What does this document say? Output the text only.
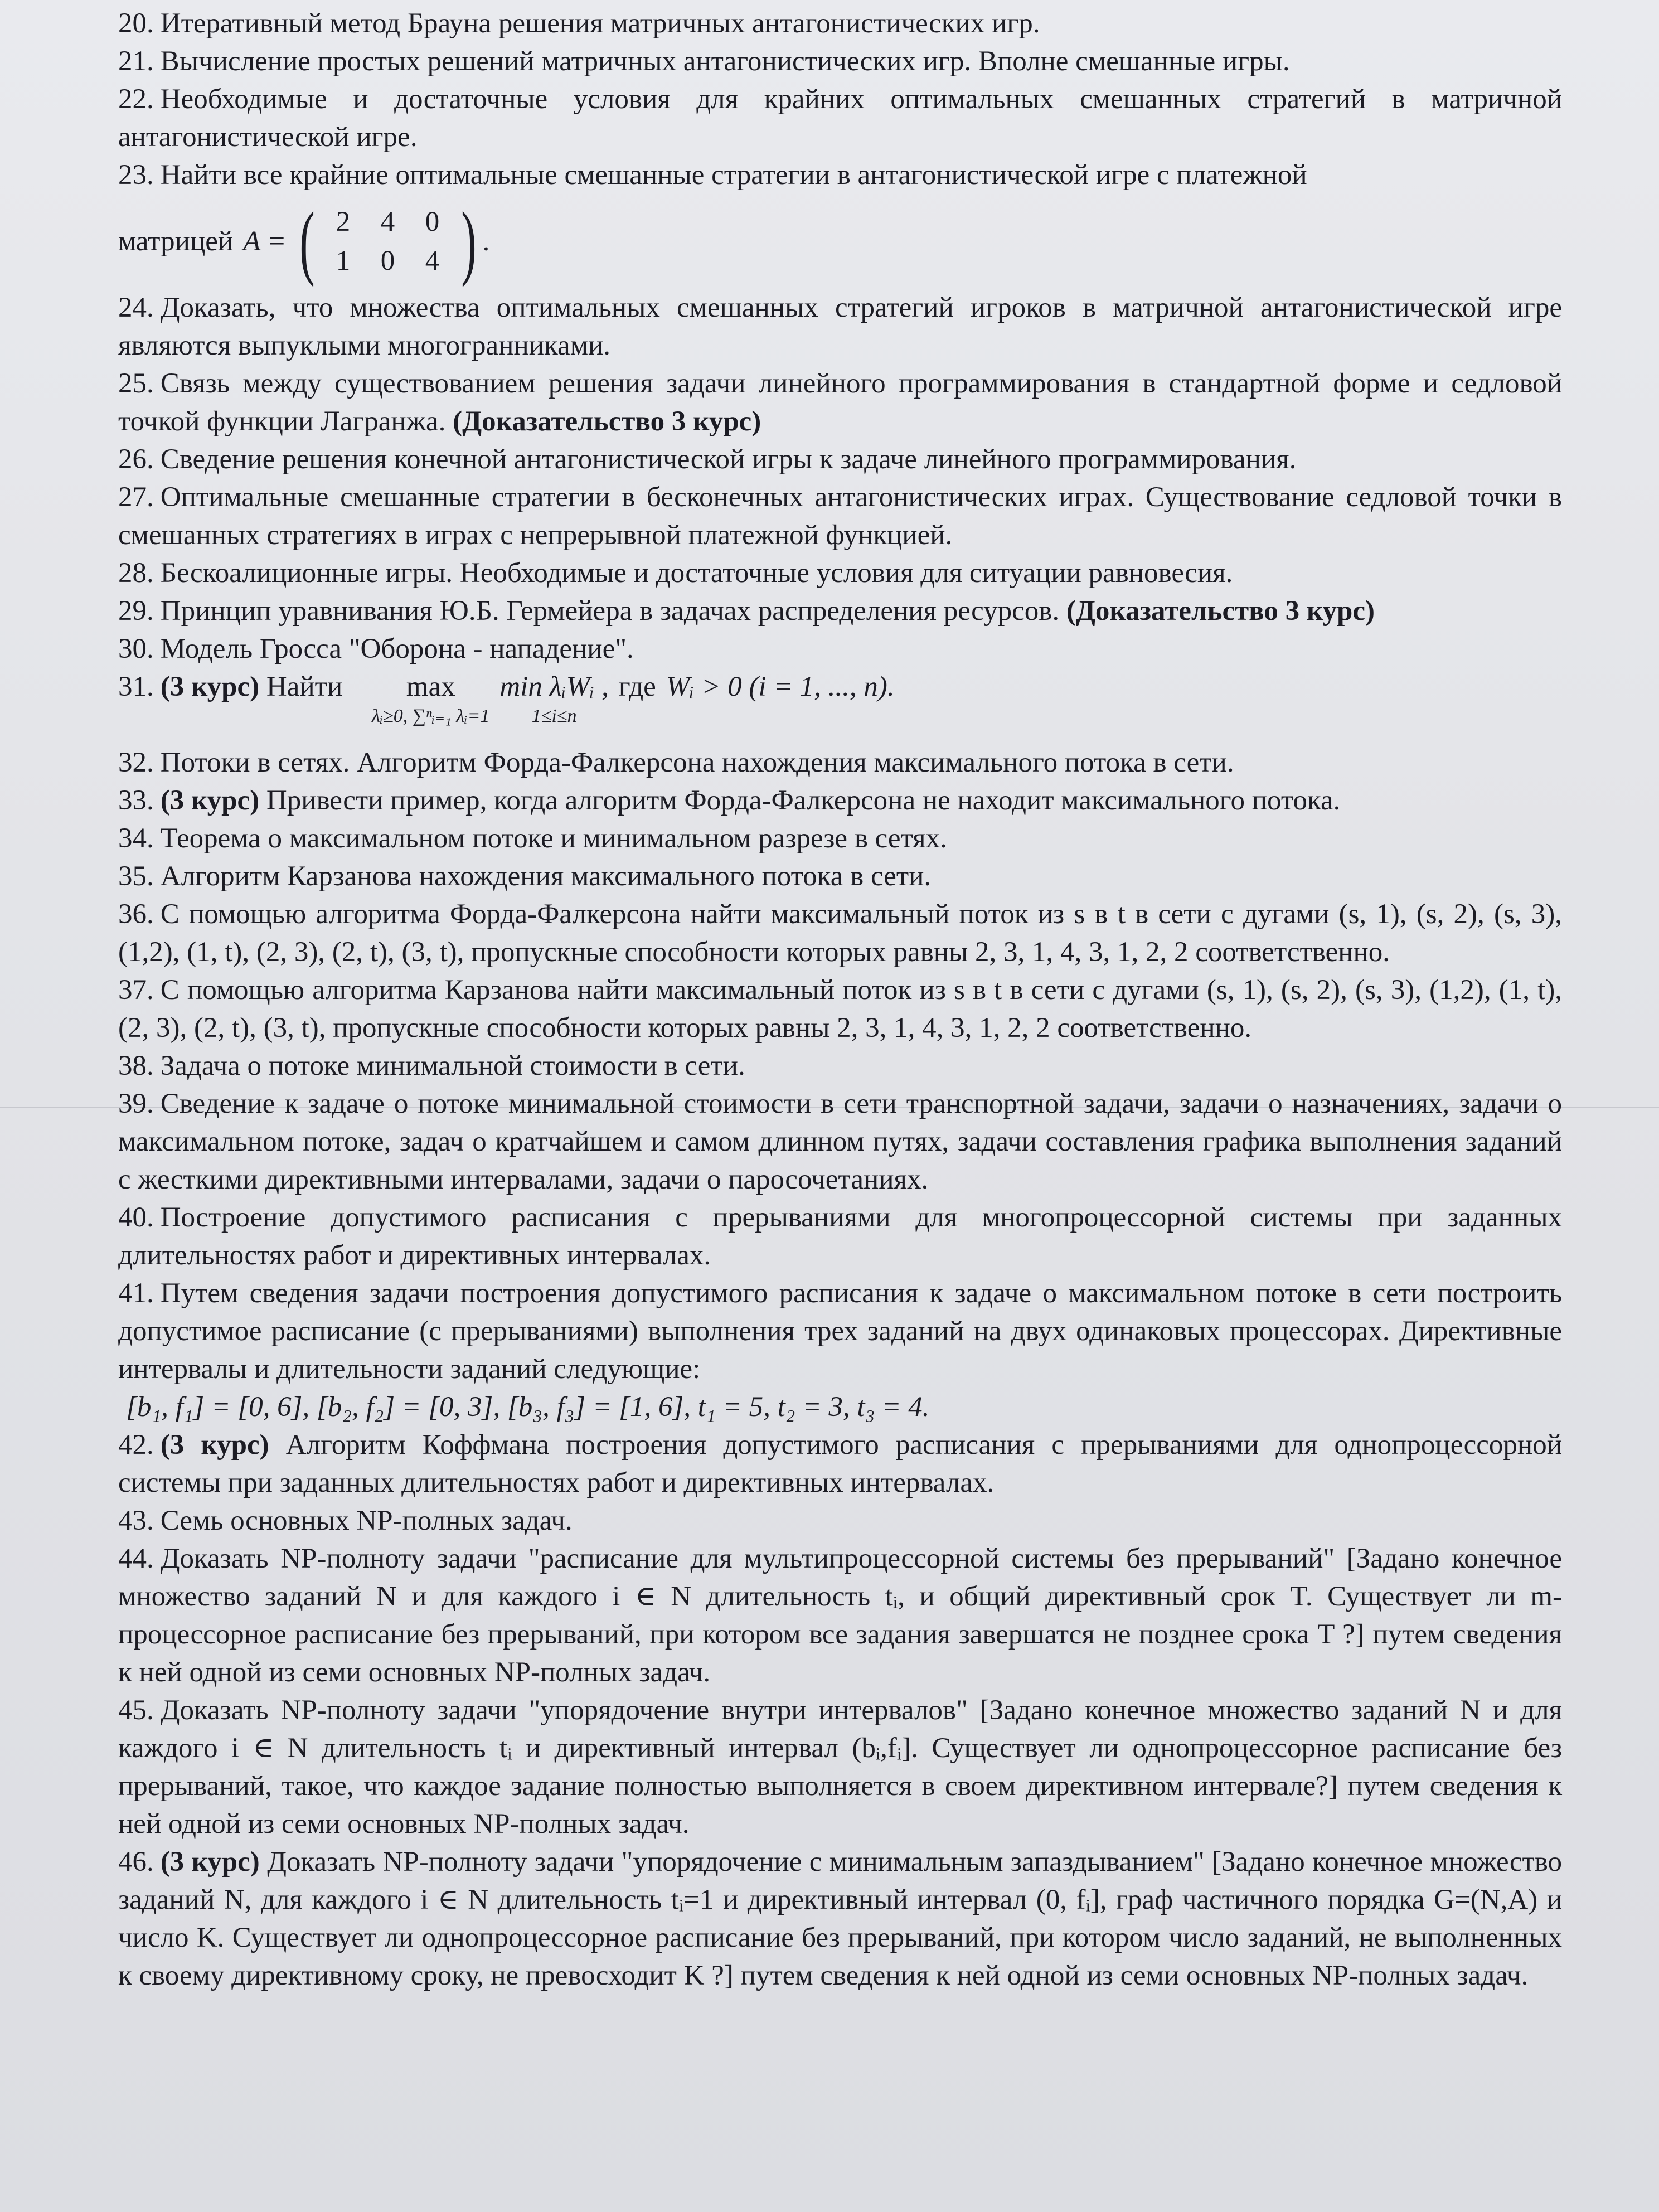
20. Итеративный метод Брауна решения матричных антагонистических игр.

21. Вычисление простых решений матричных антагонистических игр. Вполне смешанные игры.

22. Необходимые и достаточные условия для крайних оптимальных смешанных стратегий в матричной антагонистической игре.

23. Найти все крайние оптимальные смешанные стратегии в антагонистической игре с платежной

матрицей A = ( 2	4	0
1	0	4 ) .

24. Доказать, что множества оптимальных смешанных стратегий игроков в матричной антагонистической игре являются выпуклыми многогранниками.

25. Связь между существованием решения задачи линейного программирования в стандартной форме и седловой точкой функции Лагранжа. (Доказательство 3 курс)

26. Сведение решения конечной антагонистической игры к задаче линейного программирования.

27. Оптимальные смешанные стратегии в бесконечных антагонистических играх. Существование седловой точки в смешанных стратегиях в играх с непрерывной платежной функцией.

28. Бескоалиционные игры. Необходимые и достаточные условия для ситуации равновесия.

29. Принцип уравнивания Ю.Б. Гермейера в задачах распределения ресурсов. (Доказательство 3 курс)

30. Модель Гросса "Оборона - нападение".

31. (3 курс) Найти max
λᵢ≥0, ∑ⁿᵢ₌₁ λᵢ=1
min λᵢWᵢ ,
1≤i≤n
где Wᵢ > 0 (i = 1, ..., n).

32. Потоки в сетях. Алгоритм Форда-Фалкерсона нахождения максимального потока в сети.

33. (3 курс) Привести пример, когда алгоритм Форда-Фалкерсона не находит максимального потока.

34. Теорема о максимальном потоке и минимальном разрезе в сетях.

35. Алгоритм Карзанова нахождения максимального потока в сети.

36. С помощью алгоритма Форда-Фалкерсона найти максимальный поток из s в t в сети с дугами (s, 1), (s, 2), (s, 3), (1,2), (1, t), (2, 3), (2, t), (3, t), пропускные способности которых равны 2, 3, 1, 4, 3, 1, 2, 2 соответственно.

37. С помощью алгоритма Карзанова найти максимальный поток из s в t в сети с дугами (s, 1), (s, 2), (s, 3), (1,2), (1, t), (2, 3), (2, t), (3, t), пропускные способности которых равны 2, 3, 1, 4, 3, 1, 2, 2 соответственно.

38. Задача о потоке минимальной стоимости в сети.

39. Сведение к задаче о потоке минимальной стоимости в сети транспортной задачи, задачи о назначениях, задачи о максимальном потоке, задач о кратчайшем и самом длинном путях, задачи составления графика выполнения заданий с жесткими директивными интервалами, задачи о паросочетаниях.

40. Построение допустимого расписания с прерываниями для многопроцессорной системы при заданных длительностях работ и директивных интервалах.

41. Путем сведения задачи построения допустимого расписания к задаче о максимальном потоке в сети построить допустимое расписание (с прерываниями) выполнения трех заданий на двух одинаковых процессорах. Директивные интервалы и длительности заданий следующие:

[b₁, f₁] = [0, 6], [b₂, f₂] = [0, 3], [b₃, f₃] = [1, 6], t₁ = 5, t₂ = 3, t₃ = 4.

42. (3 курс) Алгоритм Коффмана построения допустимого расписания с прерываниями для однопроцессорной системы при заданных длительностях работ и директивных интервалах.

43. Семь основных NP-полных задач.

44. Доказать NP-полноту задачи "расписание для мультипроцессорной системы без прерываний" [Задано конечное множество заданий N и для каждого i ∈ N длительность tᵢ, и общий директивный срок T. Существует ли m-процессорное расписание без прерываний, при котором все задания завершатся не позднее срока T ?] путем сведения к ней одной из семи основных NP-полных задач.

45. Доказать NP-полноту задачи "упорядочение внутри интервалов" [Задано конечное множество заданий N и для каждого i ∈ N длительность tᵢ и директивный интервал (bᵢ,fᵢ]. Существует ли однопроцессорное расписание без прерываний, такое, что каждое задание полностью выполняется в своем директивном интервале?] путем сведения к ней одной из семи основных NP-полных задач.

46. (3 курс) Доказать NP-полноту задачи "упорядочение с минимальным запаздыванием" [Задано конечное множество заданий N, для каждого i ∈ N длительность tᵢ=1 и директивный интервал (0, fᵢ], граф частичного порядка G=(N,A) и число K. Существует ли однопроцессорное расписание без прерываний, при котором число заданий, не выполненных к своему директивному сроку, не превосходит K ?] путем сведения к ней одной из семи основных NP-полных задач.
